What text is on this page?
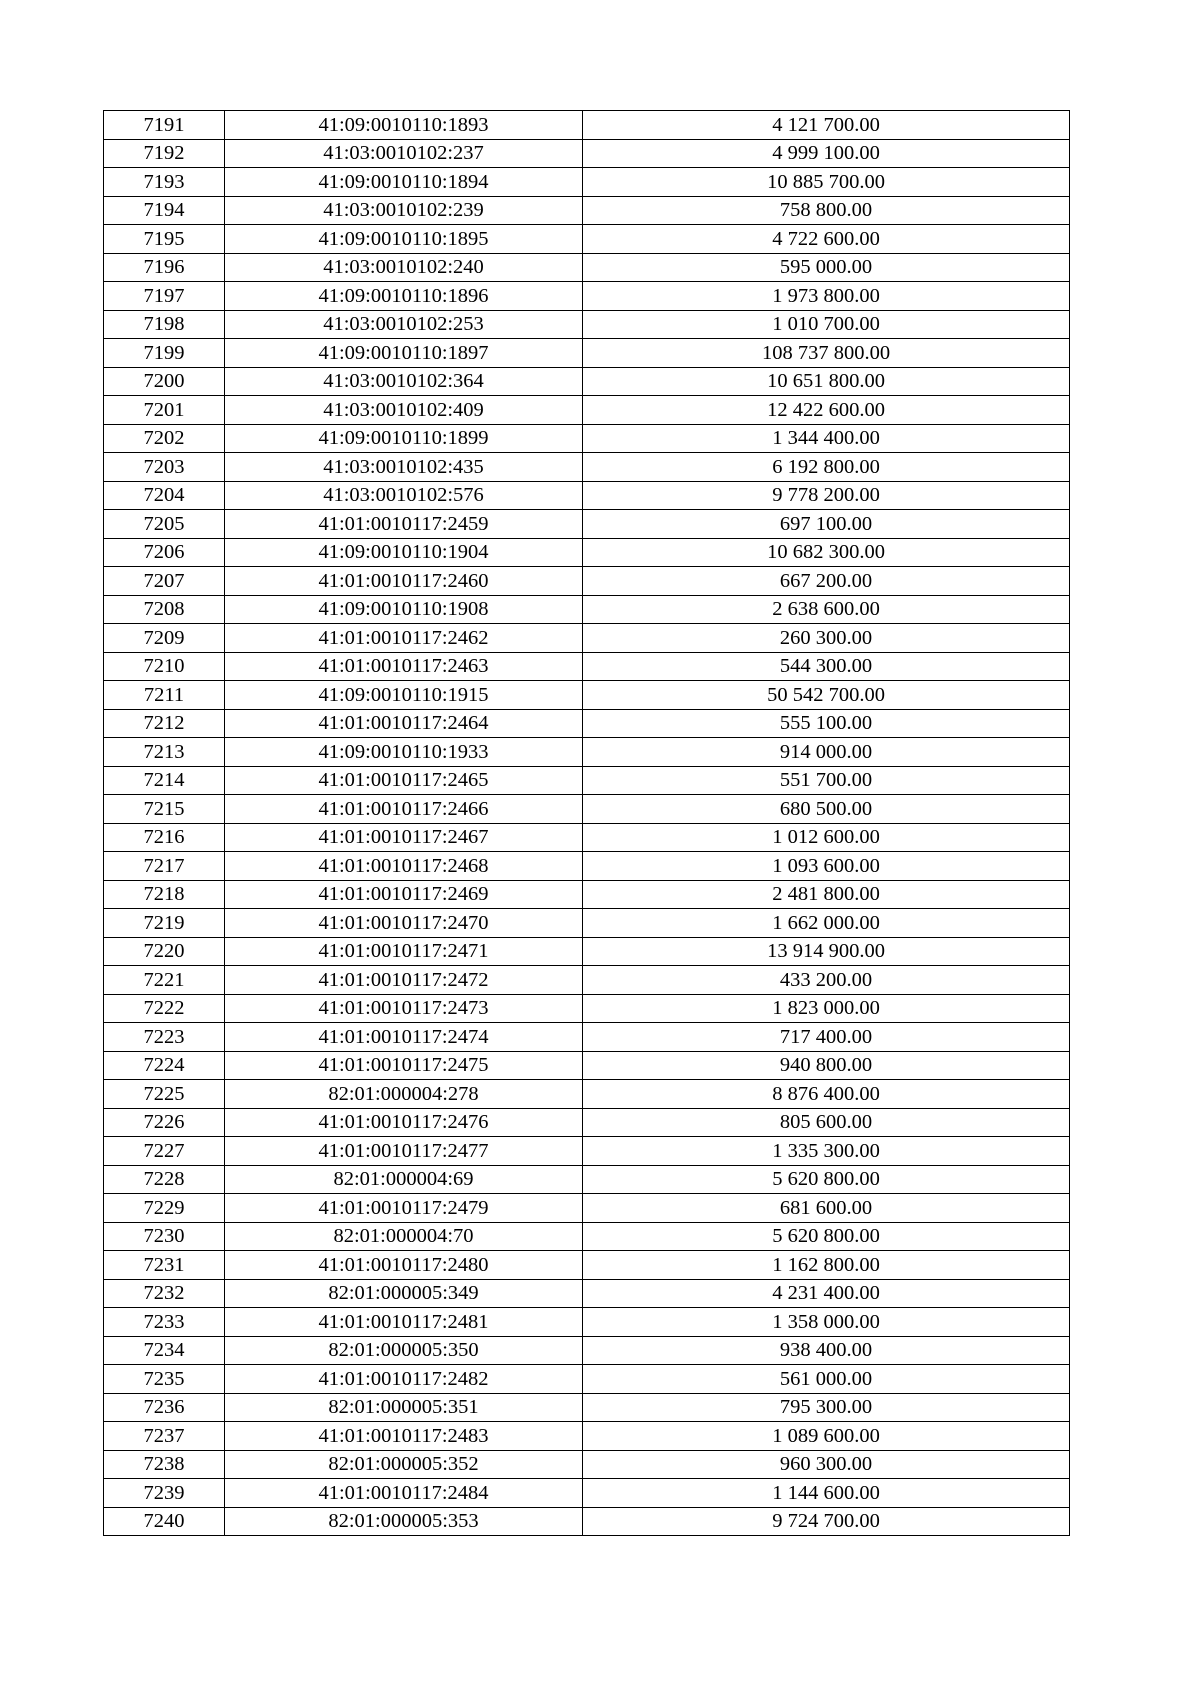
7191	41:09:0010110:1893	4 121 700.00
7192	41:03:0010102:237	4 999 100.00
7193	41:09:0010110:1894	10 885 700.00
7194	41:03:0010102:239	758 800.00
7195	41:09:0010110:1895	4 722 600.00
7196	41:03:0010102:240	595 000.00
7197	41:09:0010110:1896	1 973 800.00
7198	41:03:0010102:253	1 010 700.00
7199	41:09:0010110:1897	108 737 800.00
7200	41:03:0010102:364	10 651 800.00
7201	41:03:0010102:409	12 422 600.00
7202	41:09:0010110:1899	1 344 400.00
7203	41:03:0010102:435	6 192 800.00
7204	41:03:0010102:576	9 778 200.00
7205	41:01:0010117:2459	697 100.00
7206	41:09:0010110:1904	10 682 300.00
7207	41:01:0010117:2460	667 200.00
7208	41:09:0010110:1908	2 638 600.00
7209	41:01:0010117:2462	260 300.00
7210	41:01:0010117:2463	544 300.00
7211	41:09:0010110:1915	50 542 700.00
7212	41:01:0010117:2464	555 100.00
7213	41:09:0010110:1933	914 000.00
7214	41:01:0010117:2465	551 700.00
7215	41:01:0010117:2466	680 500.00
7216	41:01:0010117:2467	1 012 600.00
7217	41:01:0010117:2468	1 093 600.00
7218	41:01:0010117:2469	2 481 800.00
7219	41:01:0010117:2470	1 662 000.00
7220	41:01:0010117:2471	13 914 900.00
7221	41:01:0010117:2472	433 200.00
7222	41:01:0010117:2473	1 823 000.00
7223	41:01:0010117:2474	717 400.00
7224	41:01:0010117:2475	940 800.00
7225	82:01:000004:278	8 876 400.00
7226	41:01:0010117:2476	805 600.00
7227	41:01:0010117:2477	1 335 300.00
7228	82:01:000004:69	5 620 800.00
7229	41:01:0010117:2479	681 600.00
7230	82:01:000004:70	5 620 800.00
7231	41:01:0010117:2480	1 162 800.00
7232	82:01:000005:349	4 231 400.00
7233	41:01:0010117:2481	1 358 000.00
7234	82:01:000005:350	938 400.00
7235	41:01:0010117:2482	561 000.00
7236	82:01:000005:351	795 300.00
7237	41:01:0010117:2483	1 089 600.00
7238	82:01:000005:352	960 300.00
7239	41:01:0010117:2484	1 144 600.00
7240	82:01:000005:353	9 724 700.00
